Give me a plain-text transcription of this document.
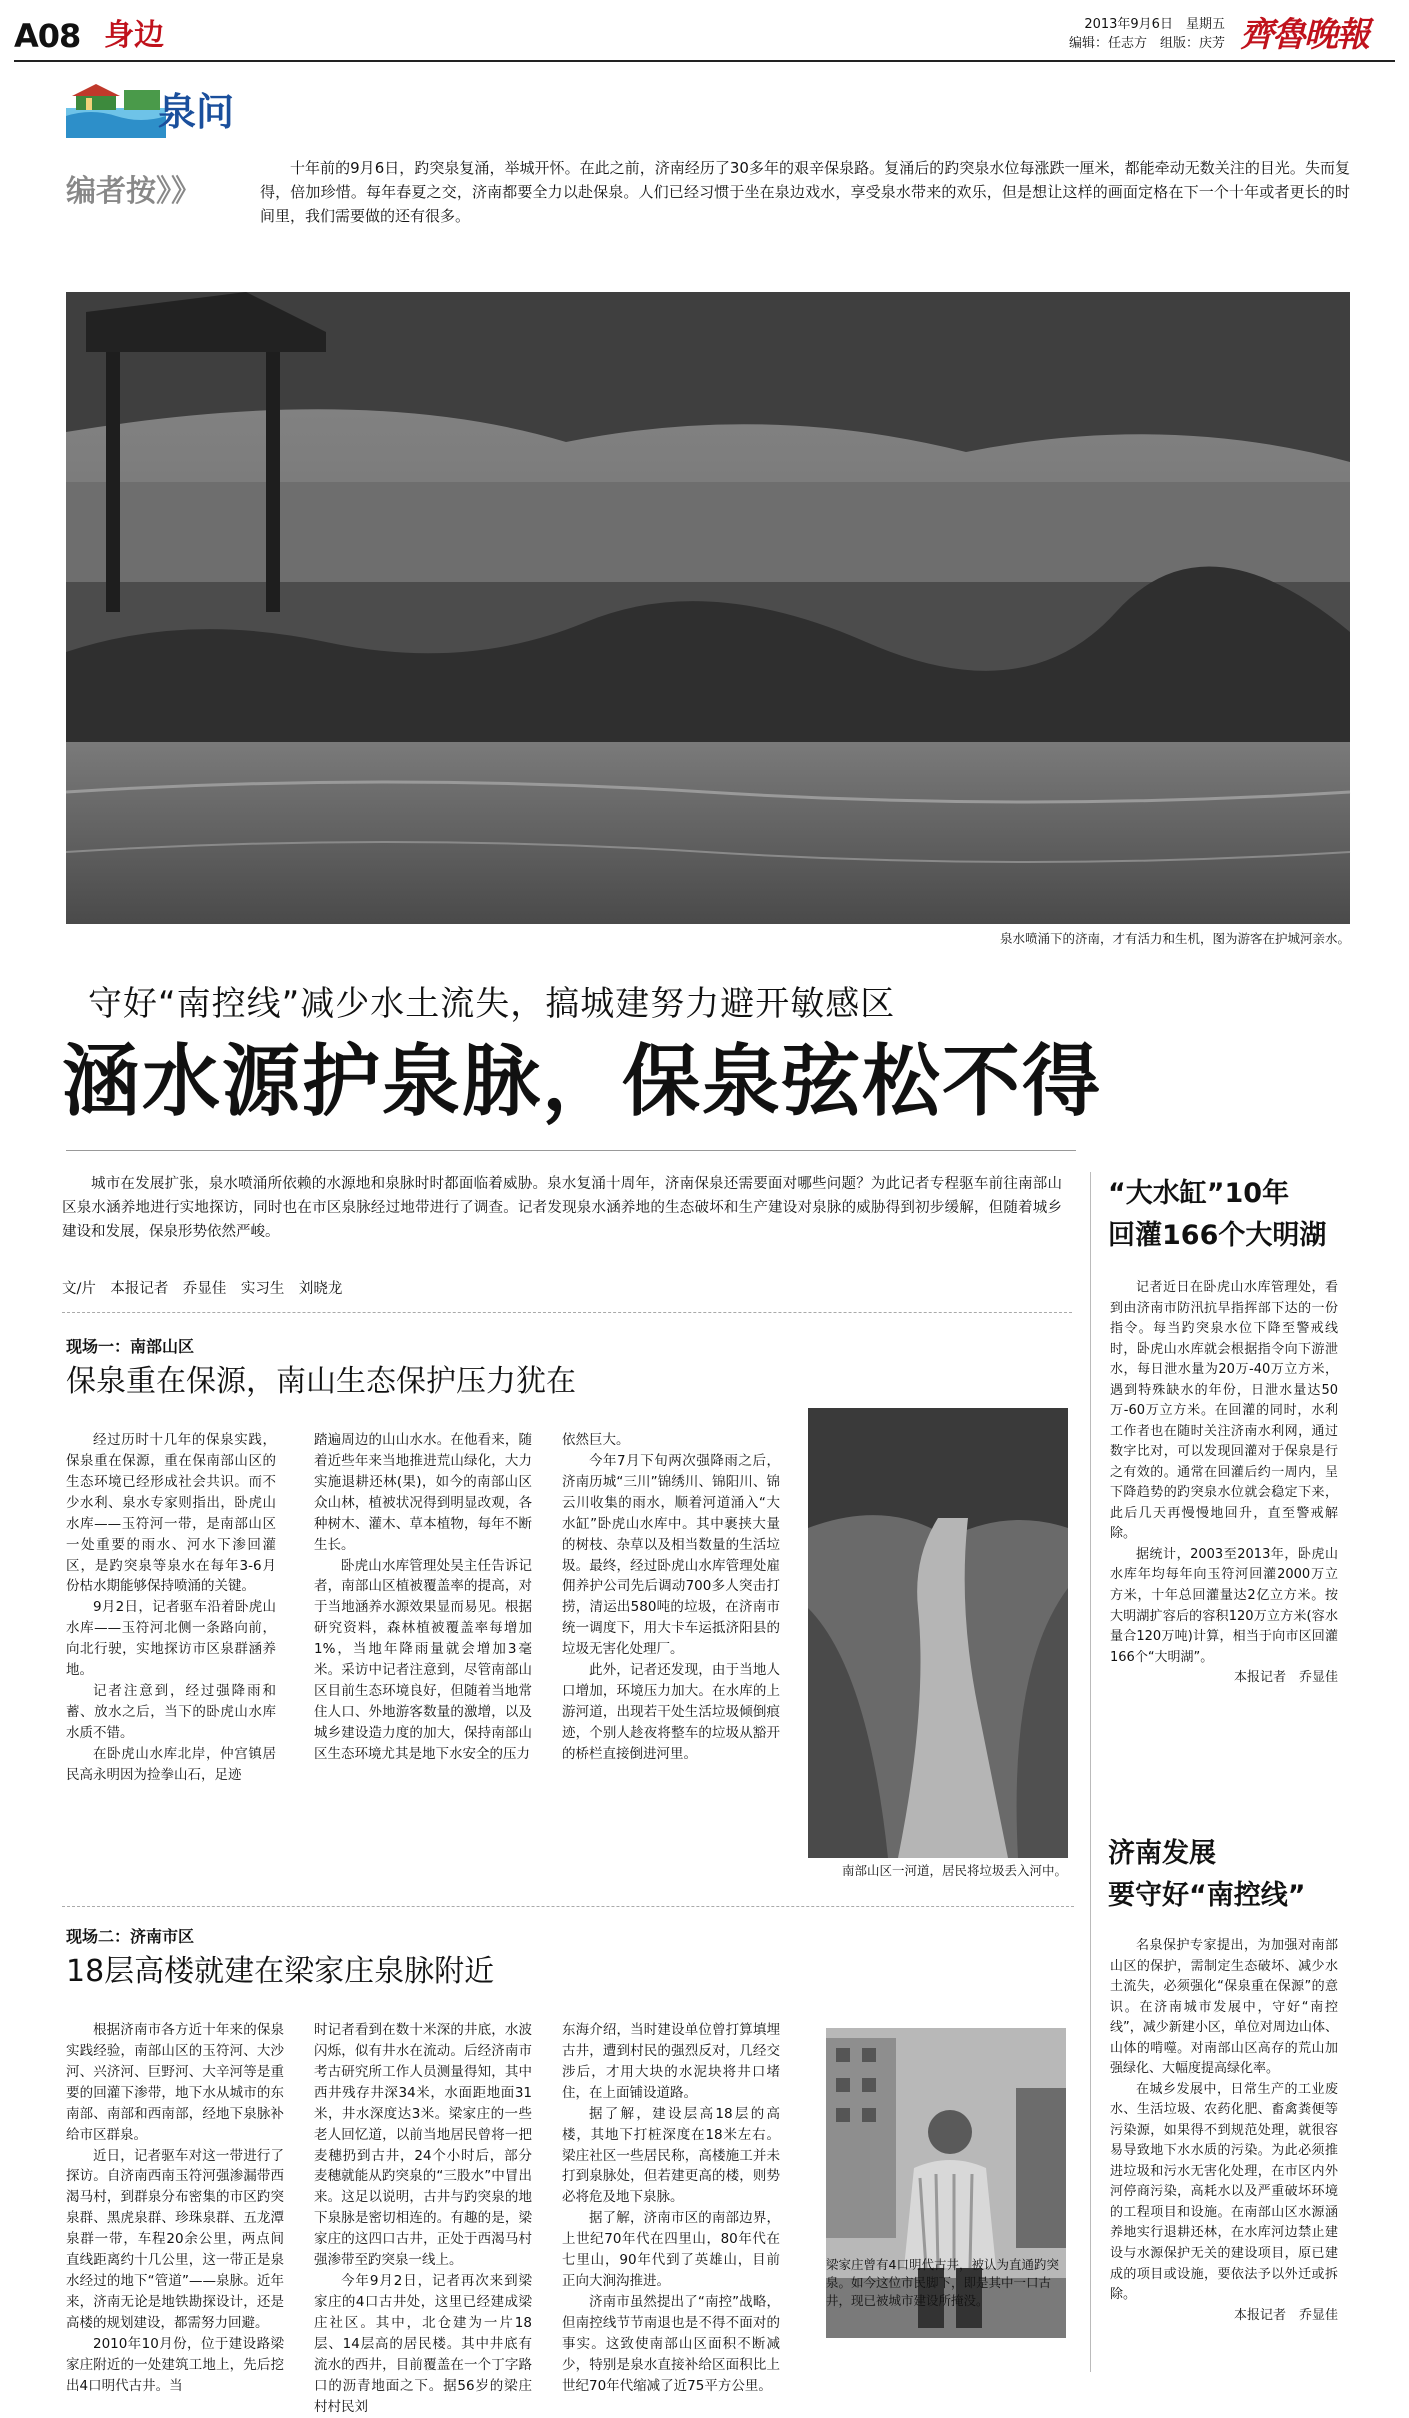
A08 身边	2013年9月6日　 星期五
编辑：任志方　 组版：庆芳 齊魯晚報
泉问
编者按》》
十年前的9月6日，趵突泉复涌，举城开怀。在此之前，济南经历了30多年的艰辛保泉路。复涌后的趵突泉水位每涨跌一厘米，都能牵动无数关注的目光。失而复得，倍加珍惜。每年春夏之交，济南都要全力以赴保泉。人们已经习惯于坐在泉边戏水，享受泉水带来的欢乐，但是想让这样的画面定格在下一个十年或者更长的时间里，我们需要做的还有很多。
泉水喷涌下的济南，才有活力和生机，图为游客在护城河亲水。
守好“南控线”减少水土流失，搞城建努力避开敏感区
涵水源护泉脉，保泉弦松不得
城市在发展扩张，泉水喷涌所依赖的水源地和泉脉时时都面临着威胁。泉水复涌十周年，济南保泉还需要面对哪些问题？为此记者专程驱车前往南部山区泉水涵养地进行实地探访，同时也在市区泉脉经过地带进行了调查。记者发现泉水涵养地的生态破坏和生产建设对泉脉的威胁得到初步缓解，但随着城乡建设和发展，保泉形势依然严峻。
文/片　本报记者　乔显佳　实习生　刘晓龙
现场一：南部山区
保泉重在保源，南山生态保护压力犹在

经过历时十几年的保泉实践，保泉重在保源，重在保南部山区的生态环境已经形成社会共识。而不少水利、泉水专家则指出，卧虎山水库——玉符河一带，是南部山区一处重要的雨水、河水下渗回灌区，是趵突泉等泉水在每年3-6月份枯水期能够保持喷涌的关键。

9月2日，记者驱车沿着卧虎山水库——玉符河北侧一条路向前，向北行驶，实地探访市区泉群涵养地。

记者注意到，经过强降雨和蓄、放水之后，当下的卧虎山水库水质不错。

在卧虎山水库北岸，仲宫镇居民高永明因为捡拳山石，足迹

踏遍周边的山山水水。在他看来，随着近些年来当地推进荒山绿化，大力实施退耕还林(果)，如今的南部山区众山林，植被状况得到明显改观，各种树木、灌木、草本植物，每年不断生长。

卧虎山水库管理处吴主任告诉记者，南部山区植被覆盖率的提高，对于当地涵养水源效果显而易见。根据研究资料，森林植被覆盖率每增加1%，当地年降雨量就会增加3毫米。采访中记者注意到，尽管南部山区目前生态环境良好，但随着当地常住人口、外地游客数量的激增，以及城乡建设造力度的加大，保持南部山区生态环境尤其是地下水安全的压力

依然巨大。

今年7月下旬两次强降雨之后，济南历城“三川”锦绣川、锦阳川、锦云川收集的雨水，顺着河道涌入“大水缸”卧虎山水库中。其中裹挟大量的树枝、杂草以及相当数量的生活垃圾。最终，经过卧虎山水库管理处雇佣养护公司先后调动700多人突击打捞，清运出580吨的垃圾，在济南市统一调度下，用大卡车运抵济阳县的垃圾无害化处理厂。

此外，记者还发现，由于当地人口增加，环境压力加大。在水库的上游河道，出现若干处生活垃圾倾倒痕迹，个别人趁夜将整车的垃圾从豁开的桥栏直接倒进河里。

南部山区一河道，居民将垃圾丢入河中。
现场二：济南市区
18层高楼就建在梁家庄泉脉附近

根据济南市各方近十年来的保泉实践经验，南部山区的玉符河、大沙河、兴济河、巨野河、大辛河等是重要的回灌下渗带，地下水从城市的东南部、南部和西南部，经地下泉脉补给市区群泉。

近日，记者驱车对这一带进行了探访。自济南西南玉符河强渗漏带西渴马村，到群泉分布密集的市区趵突泉群、黑虎泉群、珍珠泉群、五龙潭泉群一带，车程20余公里，两点间直线距离约十几公里，这一带正是泉水经过的地下“管道”——泉脉。近年来，济南无论是地铁勘探设计，还是高楼的规划建设，都需努力回避。

2010年10月份，位于建设路梁家庄附近的一处建筑工地上，先后挖出4口明代古井。当

时记者看到在数十米深的井底，水波闪烁，似有井水在流动。后经济南市考古研究所工作人员测量得知，其中西井残存井深34米，水面距地面31米，井水深度达3米。梁家庄的一些老人回忆道，以前当地居民曾将一把麦穗扔到古井，24个小时后，部分麦穗就能从趵突泉的“三股水”中冒出来。这足以说明，古井与趵突泉的地下泉脉是密切相连的。有趣的是，梁家庄的这四口古井，正处于西渴马村强渗带至趵突泉一线上。

今年9月2日，记者再次来到梁家庄的4口古井处，这里已经建成梁庄社区。其中，北仓建为一片18层、14层高的居民楼。其中井底有流水的西井，目前覆盖在一个丁字路口的沥青地面之下。据56岁的梁庄村村民刘

东海介绍，当时建设单位曾打算填埋古井，遭到村民的强烈反对，几经交涉后，才用大块的水泥块将井口堵住，在上面铺设道路。

据了解，建设层高18层的高楼，其地下打桩深度在18米左右。梁庄社区一些居民称，高楼施工并未打到泉脉处，但若建更高的楼，则势必将危及地下泉脉。

据了解，济南市区的南部边界，上世纪70年代在四里山，80年代在七里山，90年代到了英雄山，目前正向大涧沟推进。

济南市虽然提出了“南控”战略，但南控线节节南退也是不得不面对的事实。这致使南部山区面积不断减少，特别是泉水直接补给区面积比上世纪70年代缩减了近75平方公里。

梁家庄曾有4口明代古井，被认为直通趵突泉。如今这位市民脚下，即是其中一口古井，现已被城市建设所掩没。
“大水缸”10年
回灌166个大明湖

记者近日在卧虎山水库管理处，看到由济南市防汛抗旱指挥部下达的一份指令。每当趵突泉水位下降至警戒线时，卧虎山水库就会根据指令向下游泄水，每日泄水量为20万-40万立方米，遇到特殊缺水的年份，日泄水量达50万-60万立方米。在回灌的同时，水利工作者也在随时关注济南水利网，通过数字比对，可以发现回灌对于保泉是行之有效的。通常在回灌后约一周内，呈下降趋势的趵突泉水位就会稳定下来，此后几天再慢慢地回升，直至警戒解除。

据统计，2003至2013年，卧虎山水库年均每年向玉符河回灌2000万立方米，十年总回灌量达2亿立方米。按大明湖扩容后的容积120万立方米(容水量合120万吨)计算，相当于向市区回灌166个“大明湖”。

本报记者　乔显佳

济南发展
要守好“南控线”

名泉保护专家提出，为加强对南部山区的保护，需制定生态破坏、减少水土流失，必须强化“保泉重在保源”的意识。在济南城市发展中，守好“南控线”，减少新建小区，单位对周边山体、山体的啃噬。对南部山区高存的荒山加强绿化、大幅度提高绿化率。

在城乡发展中，日常生产的工业废水、生活垃圾、农药化肥、畜禽粪便等污染源，如果得不到规范处理，就很容易导致地下水水质的污染。为此必须推进垃圾和污水无害化处理，在市区内外河停商污染，高耗水以及严重破坏环境的工程项目和设施。在南部山区水源涵养地实行退耕还林，在水库河边禁止建设与水源保护无关的建设项目，原已建成的项目或设施，要依法予以外迁或拆除。

本报记者　乔显佳
